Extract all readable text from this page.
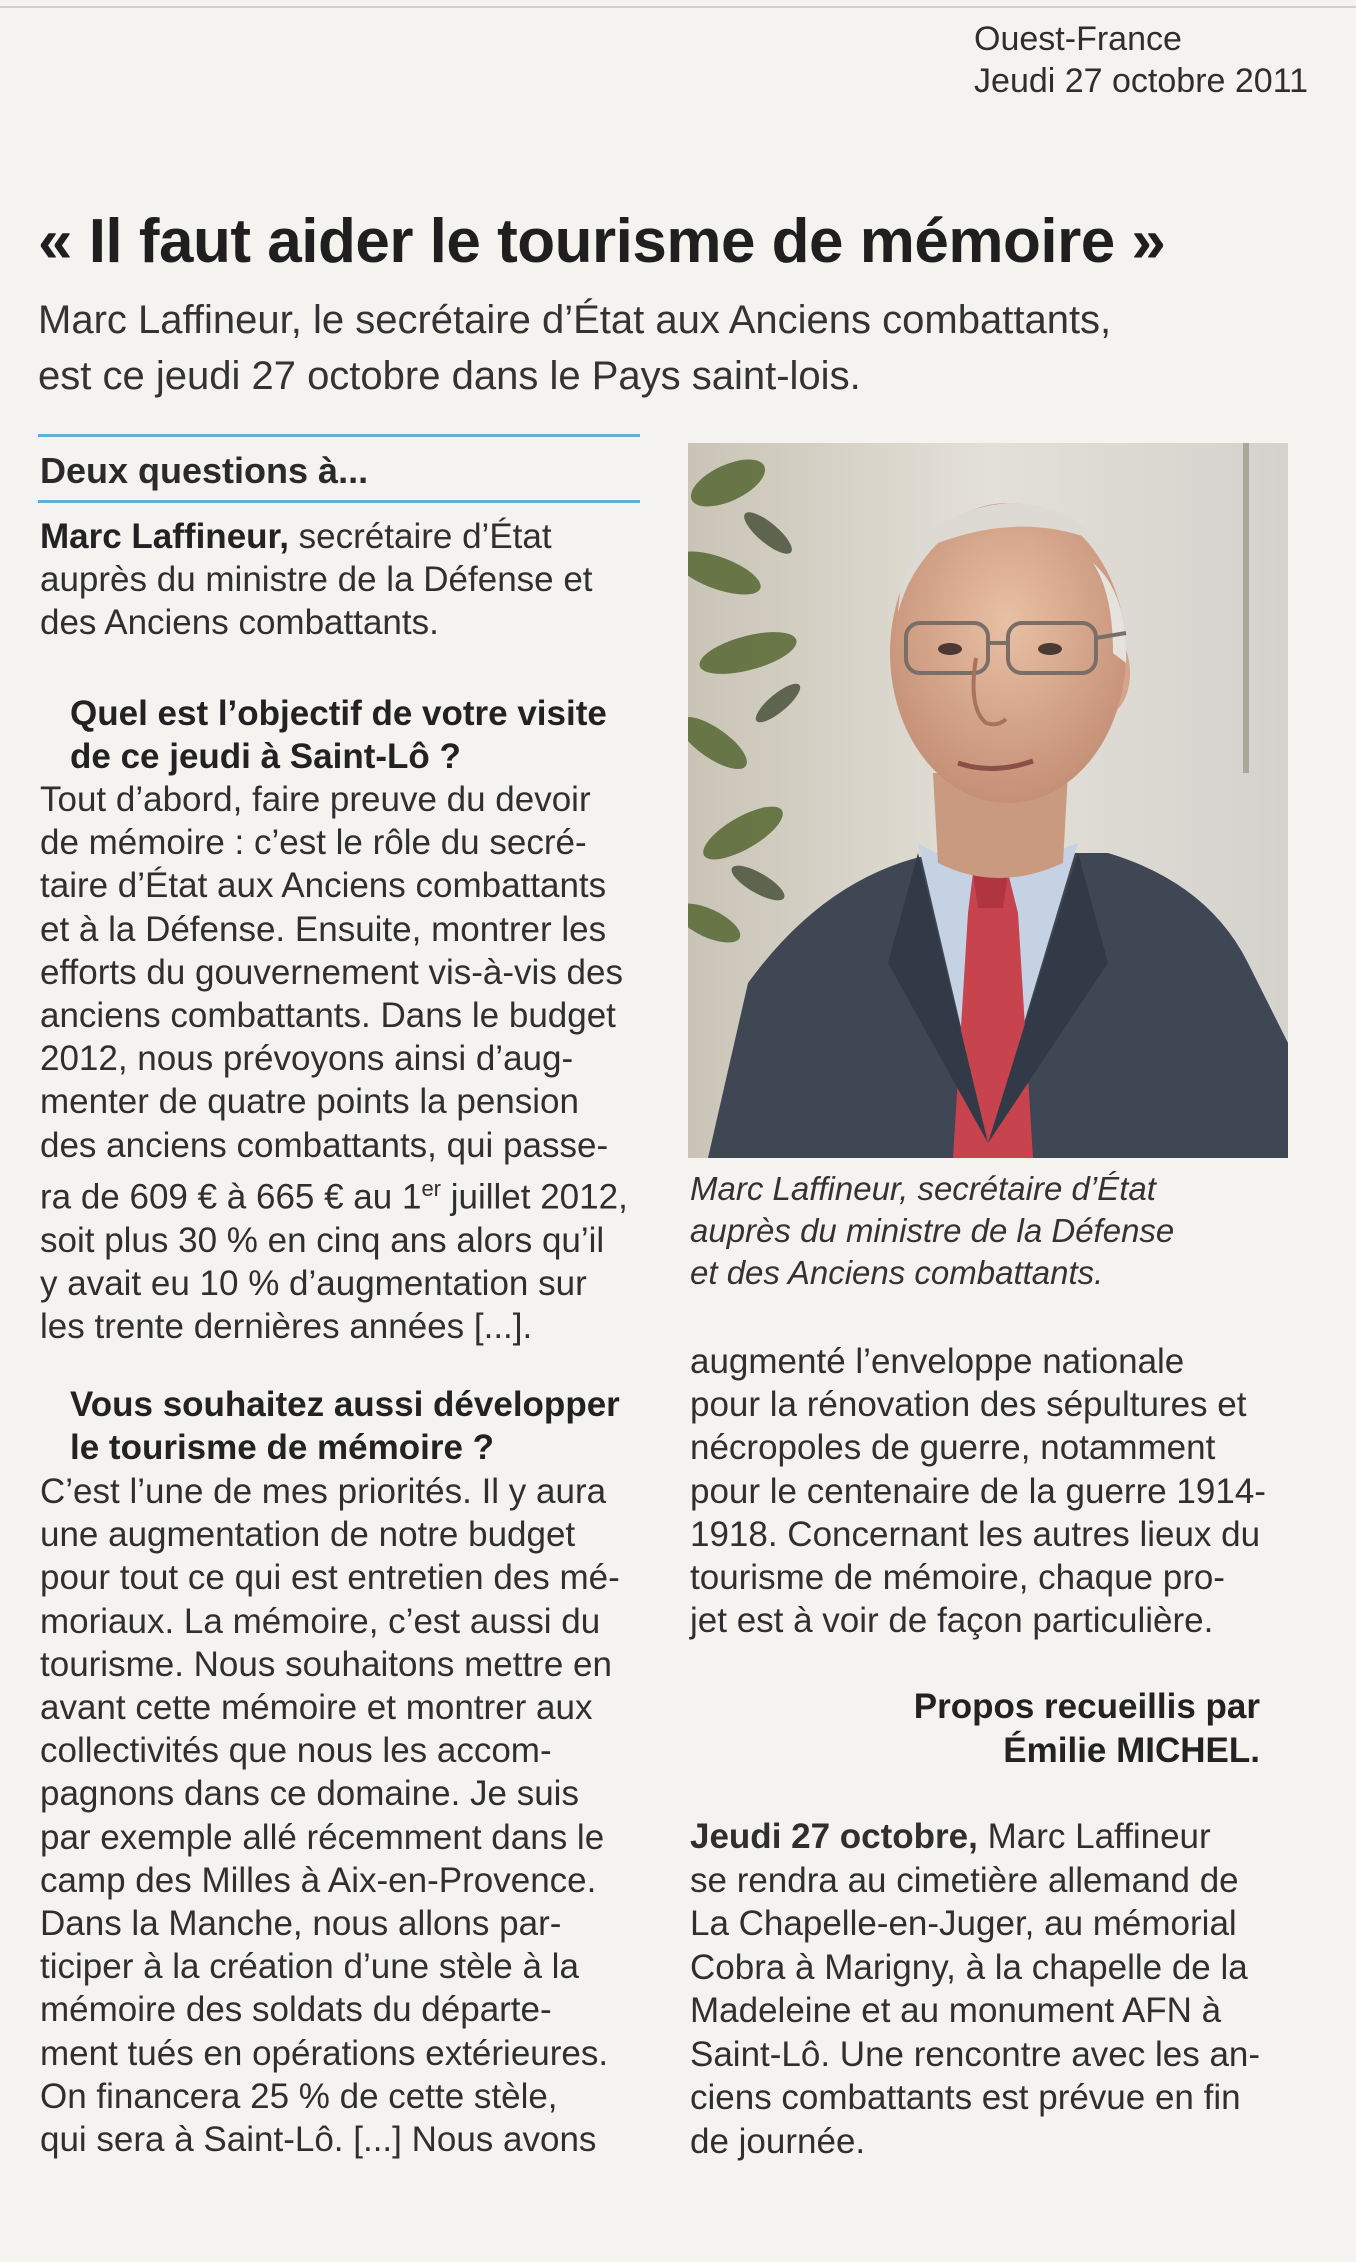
Ouest-France
Jeudi 27 octobre 2011
« Il faut aider le tourisme de mémoire »
Marc Laffineur, le secrétaire d’État aux Anciens combattants,
est ce jeudi 27 octobre dans le Pays saint-lois.
Deux questions à...
Marc Laffineur, secrétaire d’État
auprès du ministre de la Défense et
des Anciens combattants.
Quel est l’objectif de votre visite
de ce jeudi à Saint-Lô ?
Tout d’abord, faire preuve du devoir
de mémoire : c’est le rôle du secré-
taire d’État aux Anciens combattants
et à la Défense. Ensuite, montrer les
efforts du gouvernement vis-à-vis des
anciens combattants. Dans le budget
2012, nous prévoyons ainsi d’aug-
menter de quatre points la pension
des anciens combattants, qui passe-
ra de 609 € à 665 € au 1er juillet 2012,
soit plus 30 % en cinq ans alors qu’il
y avait eu 10 % d’augmentation sur
les trente dernières années [...].
Vous souhaitez aussi développer
le tourisme de mémoire ?
C’est l’une de mes priorités. Il y aura
une augmentation de notre budget
pour tout ce qui est entretien des mé-
moriaux. La mémoire, c’est aussi du
tourisme. Nous souhaitons mettre en
avant cette mémoire et montrer aux
collectivités que nous les accom-
pagnons dans ce domaine. Je suis
par exemple allé récemment dans le
camp des Milles à Aix-en-Provence.
Dans la Manche, nous allons par-
ticiper à la création d’une stèle à la
mémoire des soldats du départe-
ment tués en opérations extérieures.
On financera 25 % de cette stèle,
qui sera à Saint-Lô. [...] Nous avons
Marc Laffineur, secrétaire d’État
auprès du ministre de la Défense
et des Anciens combattants.
augmenté l’enveloppe nationale
pour la rénovation des sépultures et
nécropoles de guerre, notamment
pour le centenaire de la guerre 1914-
1918. Concernant les autres lieux du
tourisme de mémoire, chaque pro-
jet est à voir de façon particulière.
Propos recueillis par
Émilie MICHEL.
Jeudi 27 octobre, Marc Laffineur
se rendra au cimetière allemand de
La Chapelle-en-Juger, au mémorial
Cobra à Marigny, à la chapelle de la
Madeleine et au monument AFN à
Saint-Lô. Une rencontre avec les an-
ciens combattants est prévue en fin
de journée.
